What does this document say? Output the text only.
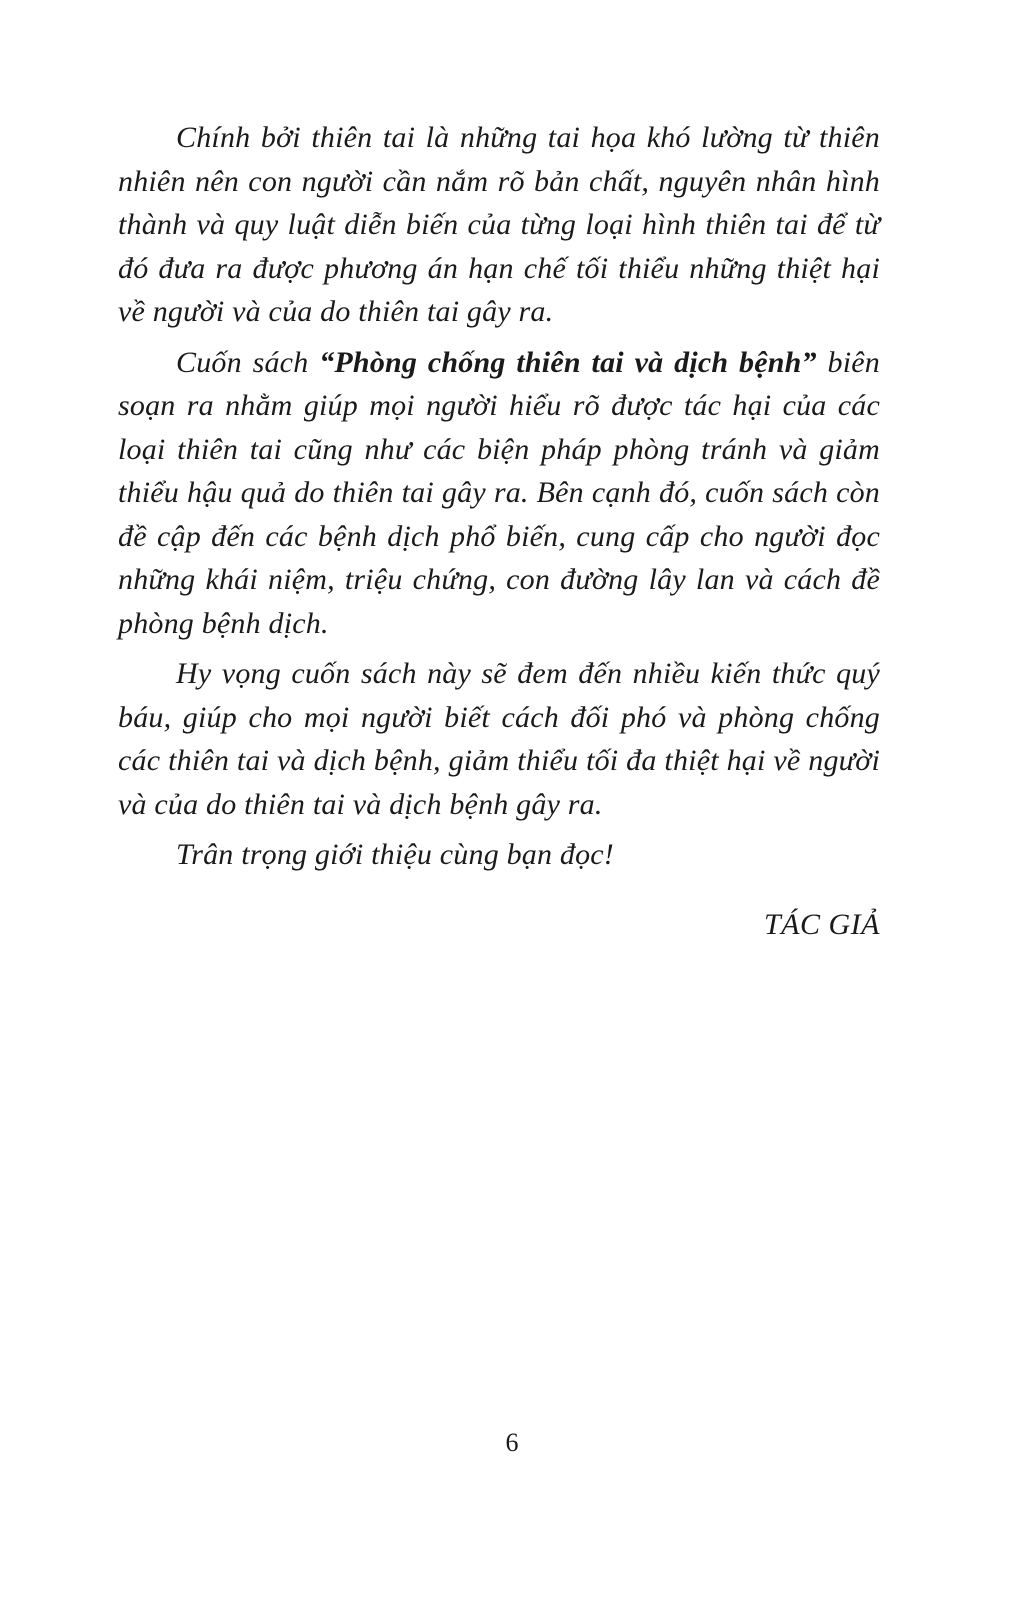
Chính bởi thiên tai là những tai họa khó lường từ thiên nhiên nên con người cần nắm rõ bản chất, nguyên nhân hình thành và quy luật diễn biến của từng loại hình thiên tai để từ đó đưa ra được phương án hạn chế tối thiểu những thiệt hại về người và của do thiên tai gây ra.

Cuốn sách “Phòng chống thiên tai và dịch bệnh” biên soạn ra nhằm giúp mọi người hiểu rõ được tác hại của các loại thiên tai cũng như các biện pháp phòng tránh và giảm thiểu hậu quả do thiên tai gây ra. Bên cạnh đó, cuốn sách còn đề cập đến các bệnh dịch phổ biến, cung cấp cho người đọc những khái niệm, triệu chứng, con đường lây lan và cách đề phòng bệnh dịch.

Hy vọng cuốn sách này sẽ đem đến nhiều kiến thức quý báu, giúp cho mọi người biết cách đối phó và phòng chống các thiên tai và dịch bệnh, giảm thiểu tối đa thiệt hại về người và của do thiên tai và dịch bệnh gây ra.

Trân trọng giới thiệu cùng bạn đọc!

TÁC GIẢ
6
